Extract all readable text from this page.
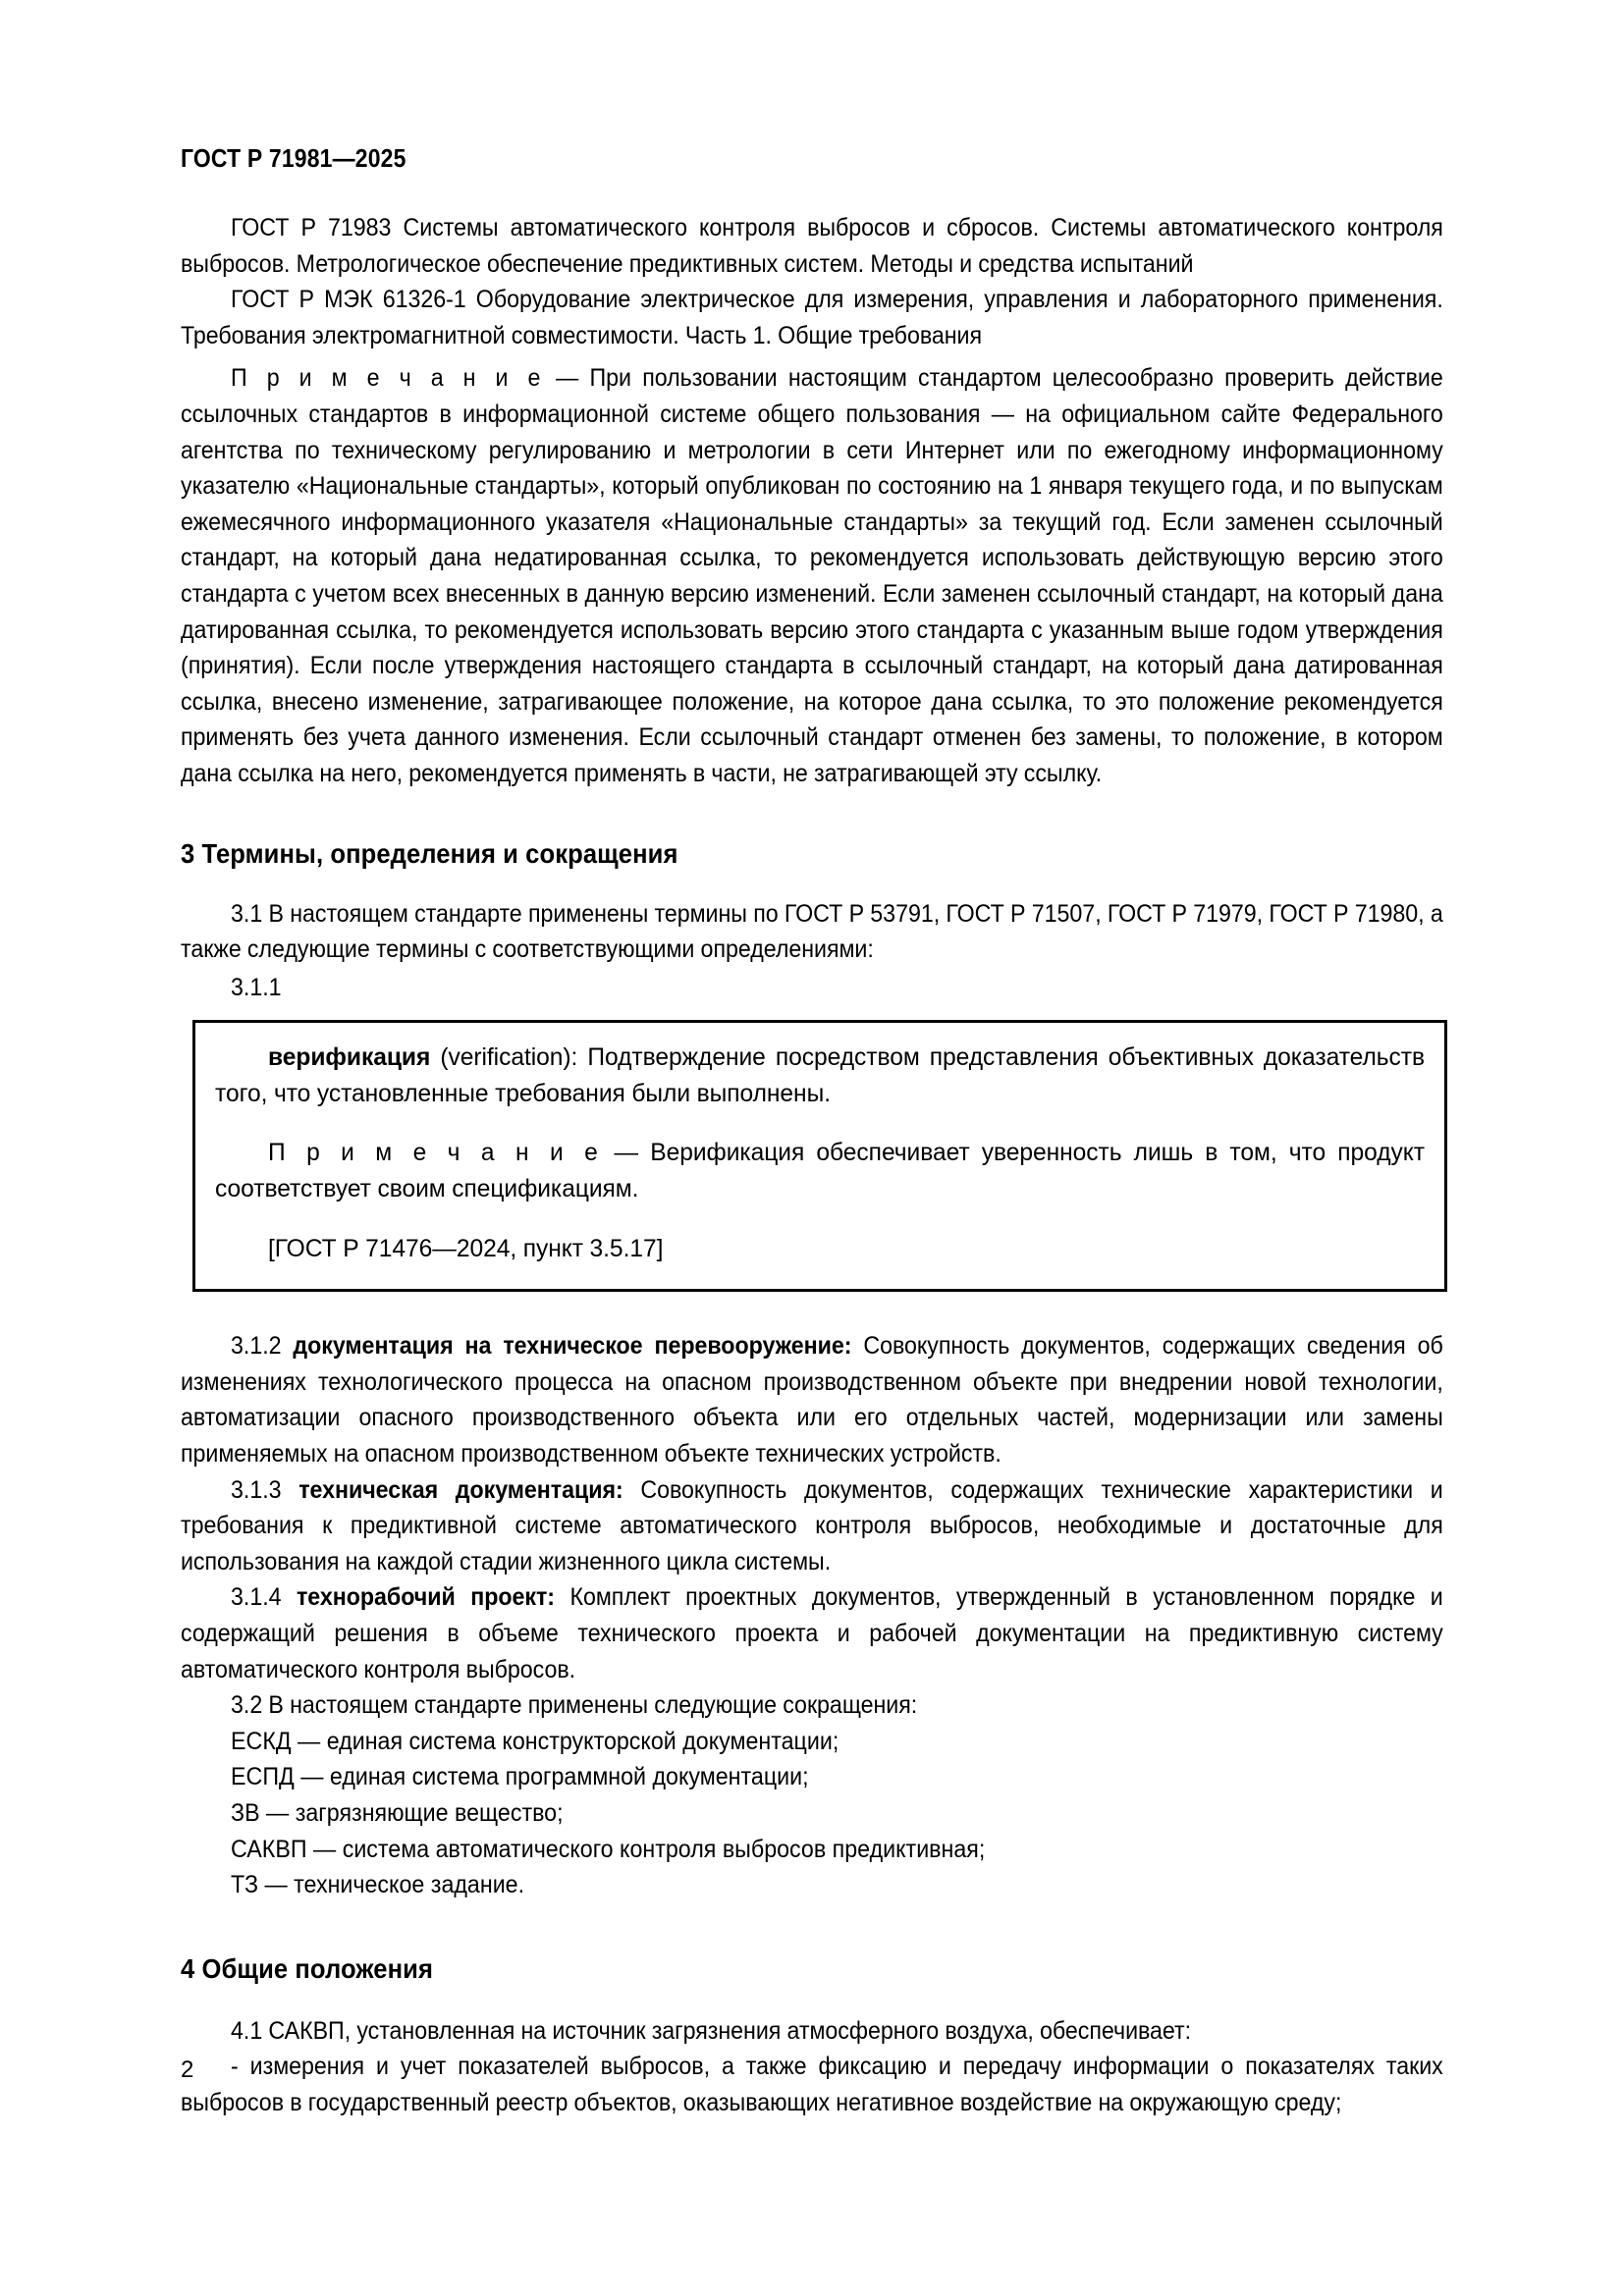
ГОСТ Р 71981—2025

ГОСТ Р 71983 Системы автоматического контроля выбросов и сбросов. Системы автоматического контроля выбросов. Метрологическое обеспечение предиктивных систем. Методы и средства испытаний

ГОСТ Р МЭК 61326-1 Оборудование электрическое для измерения, управления и лабораторного применения. Требования электромагнитной совместимости. Часть 1. Общие требования

П р и м е ч а н и е — При пользовании настоящим стандартом целесообразно проверить действие ссылочных стандартов в информационной системе общего пользования — на официальном сайте Федерального агентства по техническому регулированию и метрологии в сети Интернет или по ежегодному информационному указателю «Национальные стандарты», который опубликован по состоянию на 1 января текущего года, и по выпускам ежемесячного информационного указателя «Национальные стандарты» за текущий год. Если заменен ссылочный стандарт, на который дана недатированная ссылка, то рекомендуется использовать действующую версию этого стандарта с учетом всех внесенных в данную версию изменений. Если заменен ссылочный стандарт, на который дана датированная ссылка, то рекомендуется использовать версию этого стандарта с указанным выше годом утверждения (принятия). Если после утверждения настоящего стандарта в ссылочный стандарт, на который дана датированная ссылка, внесено изменение, затрагивающее положение, на которое дана ссылка, то это положение рекомендуется применять без учета данного изменения. Если ссылочный стандарт отменен без замены, то положение, в котором дана ссылка на него, рекомендуется применять в части, не затрагивающей эту ссылку.

3 Термины, определения и сокращения

3.1 В настоящем стандарте применены термины по ГОСТ Р 53791, ГОСТ Р 71507, ГОСТ Р 71979, ГОСТ Р 71980, а также следующие термины с соответствующими определениями:

3.1.1

верификация (verification): Подтверждение посредством представления объективных доказательств того, что установленные требования были выполнены.

П р и м е ч а н и е — Верификация обеспечивает уверенность лишь в том, что продукт соответствует своим спецификациям.

[ГОСТ Р 71476—2024, пункт 3.5.17]

3.1.2 документация на техническое перевооружение: Совокупность документов, содержащих сведения об изменениях технологического процесса на опасном производственном объекте при внедрении новой технологии, автоматизации опасного производственного объекта или его отдельных частей, модернизации или замены применяемых на опасном производственном объекте технических устройств.

3.1.3 техническая документация: Совокупность документов, содержащих технические характеристики и требования к предиктивной системе автоматического контроля выбросов, необходимые и достаточные для использования на каждой стадии жизненного цикла системы.

3.1.4 технорабочий проект: Комплект проектных документов, утвержденный в установленном порядке и содержащий решения в объеме технического проекта и рабочей документации на предиктивную систему автоматического контроля выбросов.

3.2 В настоящем стандарте применены следующие сокращения:

ЕСКД — единая система конструкторской документации;
ЕСПД — единая система программной документации;
ЗВ — загрязняющие вещество;
САКВП — система автоматического контроля выбросов предиктивная;
ТЗ — техническое задание.
4 Общие положения

4.1 САКВП, установленная на источник загрязнения атмосферного воздуха, обеспечивает:

- измерения и учет показателей выбросов, а также фиксацию и передачу информации о показателях таких выбросов в государственный реестр объектов, оказывающих негативное воздействие на окружающую среду;

2
